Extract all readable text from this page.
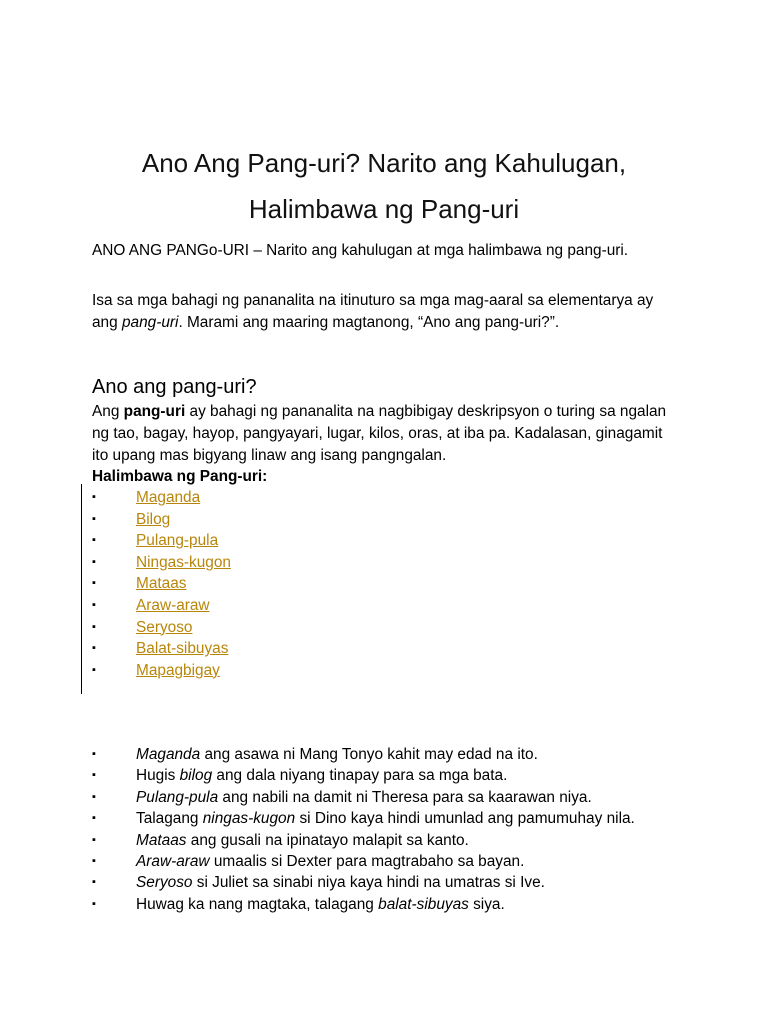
Ano Ang Pang-uri? Narito ang Kahulugan,
Halimbawa ng Pang-uri
ANO ANG PANGo-URI – Narito ang kahulugan at mga halimbawa ng pang-uri.
Isa sa mga bahagi ng pananalita na itinuturo sa mga mag-aaral sa elementarya ay ang pang-uri. Marami ang maaring magtanong, “Ano ang pang-uri?”.
Ano ang pang-uri?
Ang pang-uri ay bahagi ng pananalita na nagbibigay deskripsyon o turing sa ngalan ng tao, bagay, hayop, pangyayari, lugar, kilos, oras, at iba pa. Kadalasan, ginagamit ito upang mas bigyang linaw ang isang pangngalan.
Halimbawa ng Pang-uri:
▪	Maganda
▪	Bilog
▪	Pulang-pula
▪	Ningas-kugon
▪	Mataas
▪	Araw-araw
▪	Seryoso
▪	Balat-sibuyas
▪	Mapagbigay
▪	Maganda ang asawa ni Mang Tonyo kahit may edad na ito.
▪	Hugis bilog ang dala niyang tinapay para sa mga bata.
▪	Pulang-pula ang nabili na damit ni Theresa para sa kaarawan niya.
▪	Talagang ningas-kugon si Dino kaya hindi umunlad ang pamumuhay nila.
▪	Mataas ang gusali na ipinatayo malapit sa kanto.
▪	Araw-araw umaalis si Dexter para magtrabaho sa bayan.
▪	Seryoso si Juliet sa sinabi niya kaya hindi na umatras si Ive.
▪	Huwag ka nang magtaka, talagang balat-sibuyas siya.
